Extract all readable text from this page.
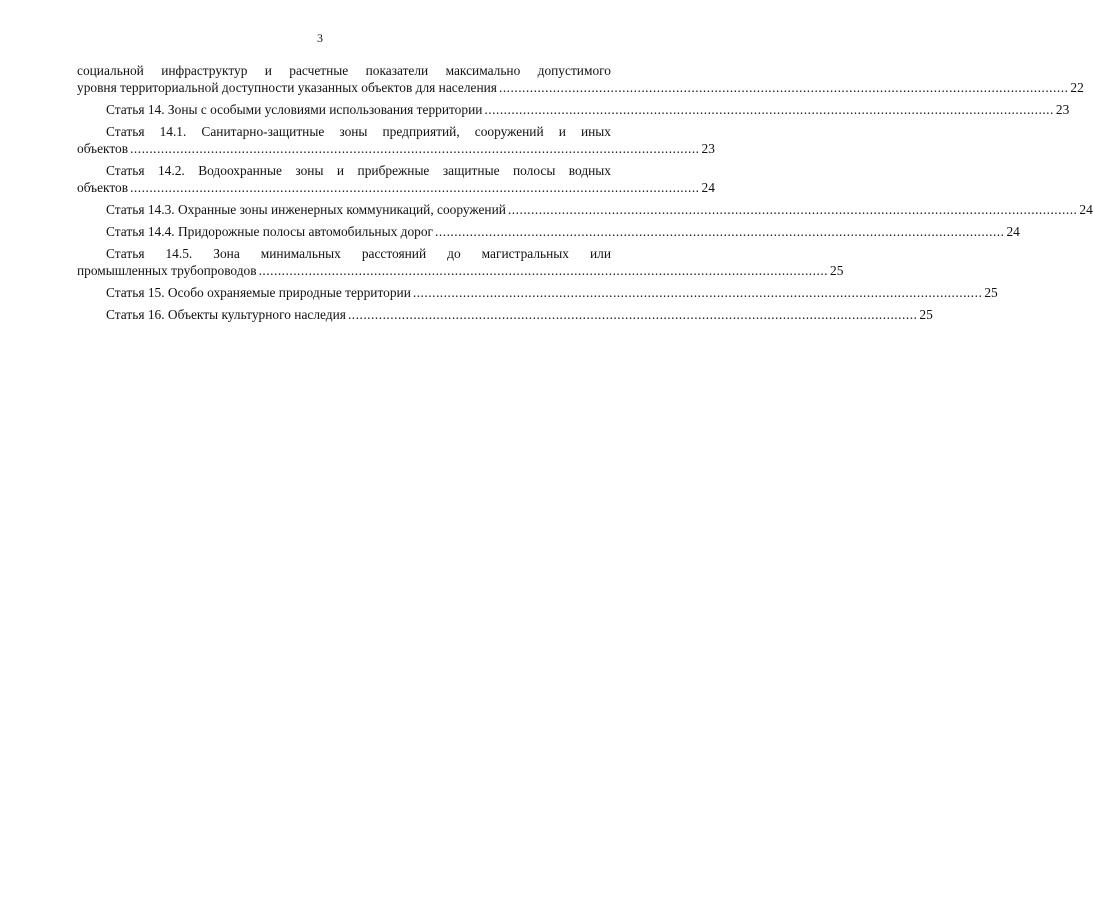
3
социальной инфраструктур и расчетные показатели максимально допустимого
уровня территориальной доступности указанных объектов для населения .................................................................................................................................................... 22
Статья 14. Зоны с особыми условиями использования территории .................................................................................................................................................... 23
Статья 14.1. Санитарно-защитные зоны предприятий, сооружений и иных
объектов .................................................................................................................................................... 23
Статья 14.2. Водоохранные зоны и прибрежные защитные полосы водных
объектов .................................................................................................................................................... 24
Статья 14.3. Охранные зоны инженерных коммуникаций, сооружений .................................................................................................................................................... 24
Статья 14.4. Придорожные полосы автомобильных дорог .................................................................................................................................................... 24
Статья 14.5. Зона минимальных расстояний до магистральных или
промышленных трубопроводов .................................................................................................................................................... 25
Статья 15. Особо охраняемые природные территории .................................................................................................................................................... 25
Статья 16. Объекты культурного наследия .................................................................................................................................................... 25
